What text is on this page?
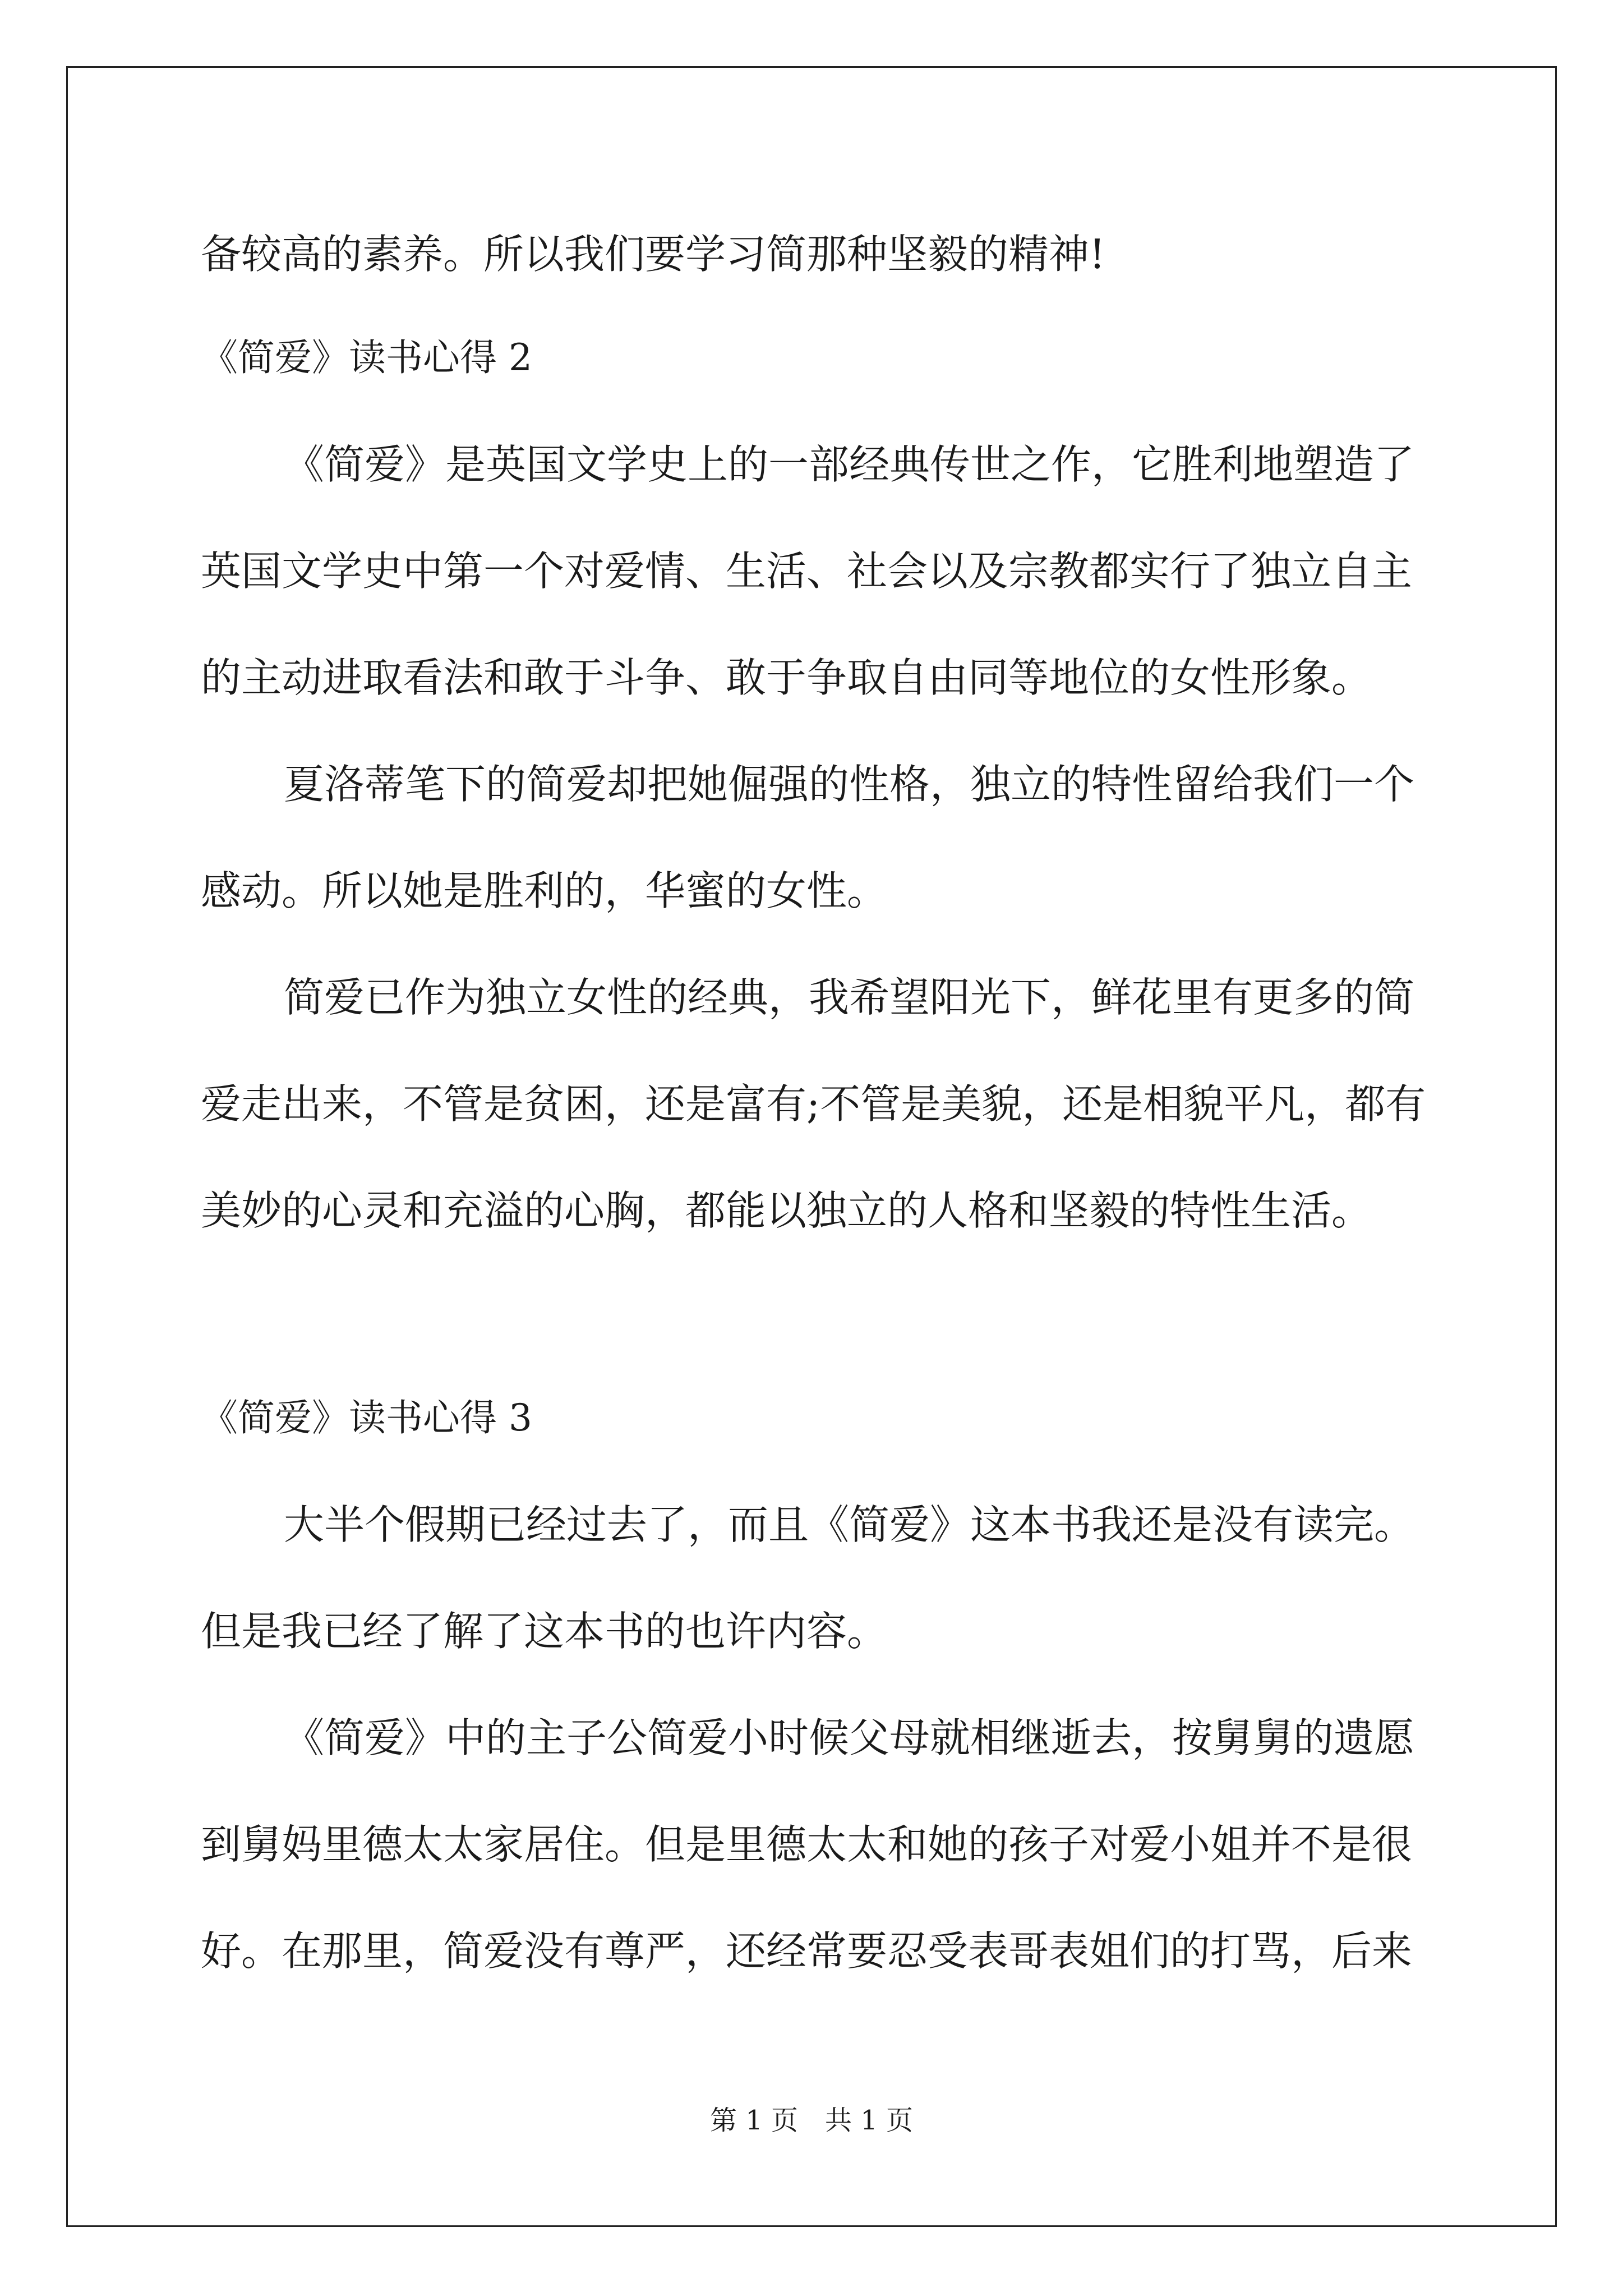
备较高的素养。所以我们要学习简那种坚毅的精神!
《简爱》读书心得 2
《简爱》是英国文学史上的一部经典传世之作，它胜利地塑造了
英国文学史中第一个对爱情、生活、社会以及宗教都实行了独立自主
的主动进取看法和敢于斗争、敢于争取自由同等地位的女性形象。
夏洛蒂笔下的简爱却把她倔强的性格，独立的特性留给我们一个
感动。所以她是胜利的，华蜜的女性。
简爱已作为独立女性的经典，我希望阳光下，鲜花里有更多的简
爱走出来，不管是贫困，还是富有;不管是美貌，还是相貌平凡，都有
美妙的心灵和充溢的心胸，都能以独立的人格和坚毅的特性生活。
《简爱》读书心得 3
大半个假期已经过去了，而且《简爱》这本书我还是没有读完。
但是我已经了解了这本书的也许内容。
《简爱》中的主子公简爱小时候父母就相继逝去，按舅舅的遗愿
到舅妈里德太太家居住。但是里德太太和她的孩子对爱小姐并不是很
好。在那里，简爱没有尊严，还经常要忍受表哥表姐们的打骂，后来
第 1 页　共 1 页
